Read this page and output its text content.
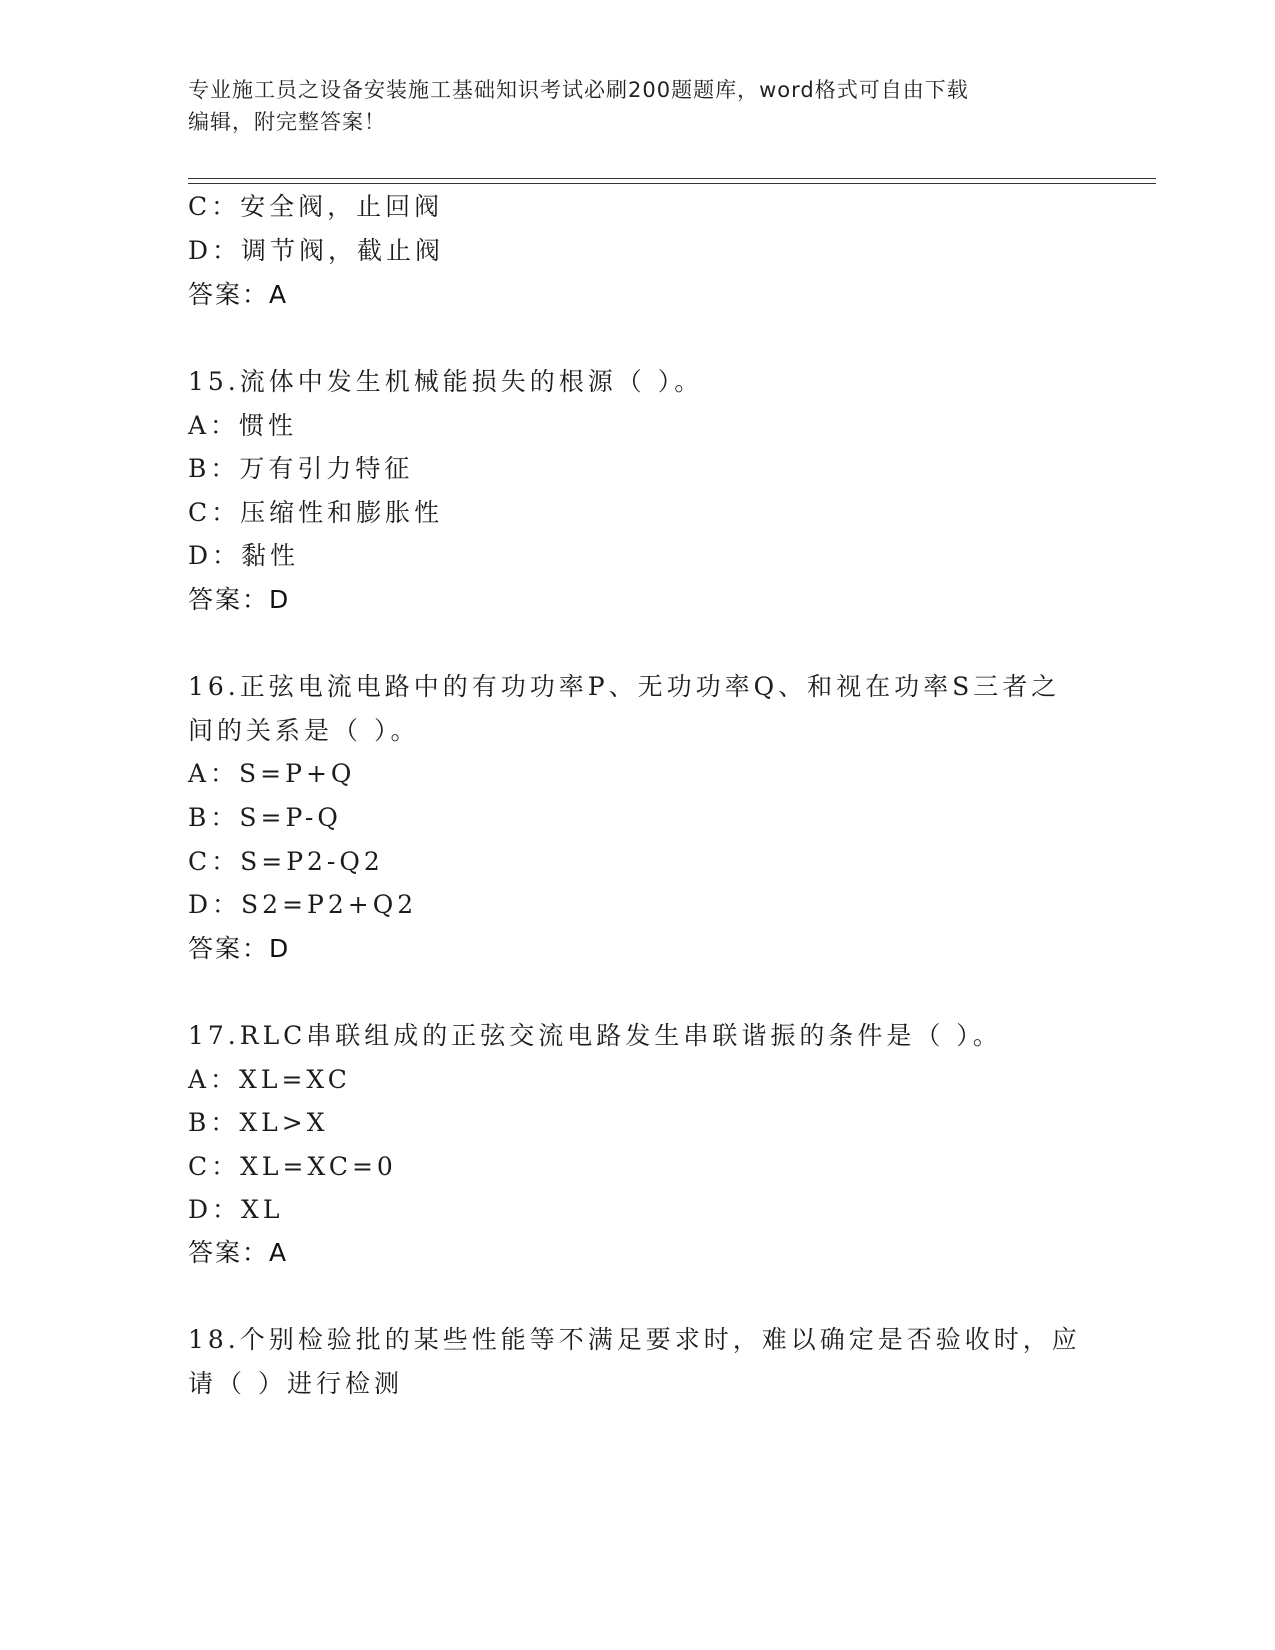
专业施工员之设备安装施工基础知识考试必刷200题题库，word格式可自由下载
编辑，附完整答案！
C：安全阀，止回阀
D：调节阀，截止阀
答案：A
15.流体中发生机械能损失的根源（ ）。
A：惯性
B：万有引力特征
C：压缩性和膨胀性
D：黏性
答案：D
16.正弦电流电路中的有功功率P、无功功率Q、和视在功率S三者之
间的关系是（ ）。
A：S=P+Q
B：S=P-Q
C：S=P2-Q2
D：S2=P2+Q2
答案：D
17.RLC串联组成的正弦交流电路发生串联谐振的条件是（ ）。
A：XL=XC
B：XL>X
C：XL=XC=0
D：XL
答案：A
18.个别检验批的某些性能等不满足要求时，难以确定是否验收时，应
请（ ）进行检测
